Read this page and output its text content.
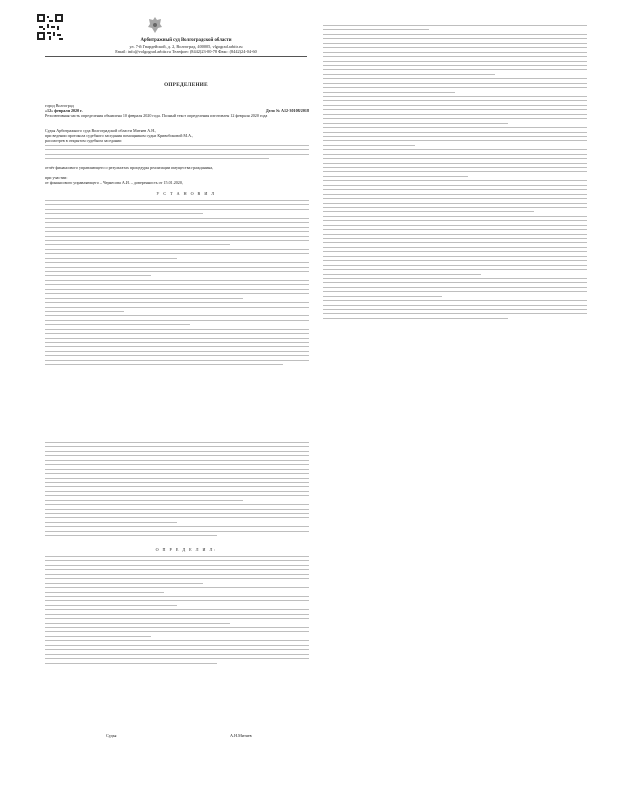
Арбитражный суд Волгоградской области
ул. 7-й Гвардейской, д. 2, Волгоград, 400005, vlgograd.arbitr.ru
Email: info@volgograd.arbitr.ru Телефон: (8442)23-00-78 Факс: (8442)24-04-60
ОПРЕДЕЛЕНИЕ
город Волгоград
«12» февраля 2020 г.	Дело № А12-30108/2018
Резолютивная часть определения объявлена 10 февраля 2020 года. Полный текст определения изготовлен 12 февраля 2020 года
Судья Арбитражного суда Волгоградской области Митяев А.Н.,
при ведении протокола судебного заседания помощником судьи Кривобоковой М.А.,
рассмотрев в открытом судебном заседании
отчёт финансового управляющего о результатах процедуры реализации имущества гражданина,
при участии:
от финансового управляющего – Черкесова А.И. – доверенность от 15.01.2020,
У С Т А Н О В И Л
О П Р Е Д Е Л И Л:
Судья	А.Н.Митяев
